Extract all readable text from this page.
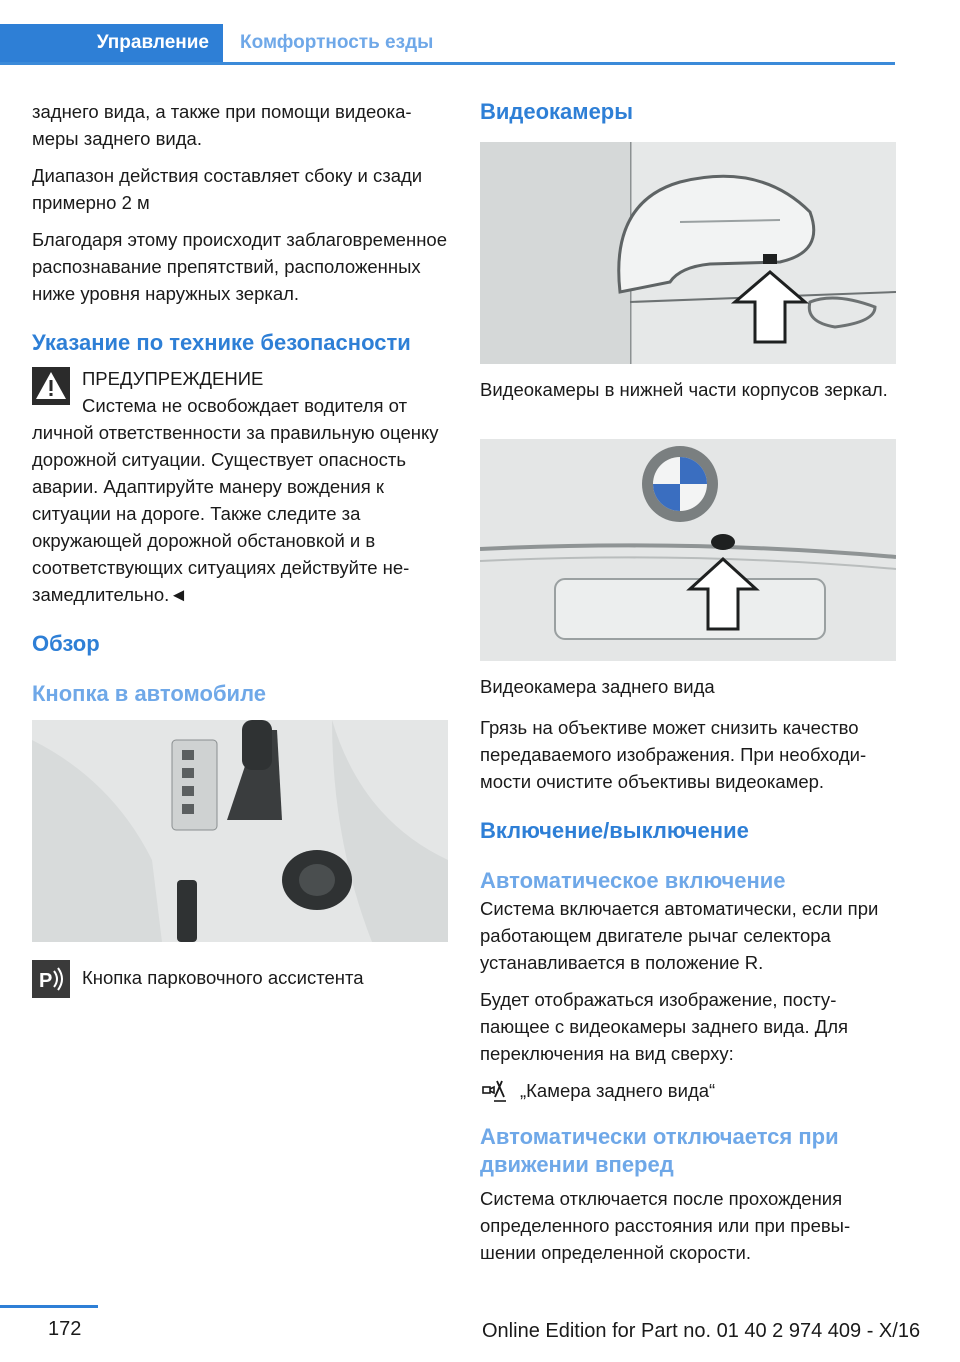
Управление	Комфортность езды

заднего вида, а также при помощи видеокамеры заднего вида.

Диапазон действия составляет сбоку и сзади примерно 2 м

Благодаря этому происходит заблаговременное распознавание препятствий, расположенных ниже уровня наружных зеркал.

Указание по технике безопасности
ПРЕДУПРЕЖДЕНИЕ

Система не освобождает водителя от личной ответственности за правильную оценку дорожной ситуации. Существует опасность аварии. Адаптируйте манеру вождения к ситуации на дороге. Также следите за окружающей дорожной обстановкой и в соответствующих ситуациях действуйте незамедлительно.◄

Обзор
Кнопка в автомобиле
P Кнопка парковочного ассистента

Видеокамеры

Видеокамеры в нижней части корпусов зеркал.

Видеокамера заднего вида

Грязь на объективе может снизить качество передаваемого изображения. При необходимости очистите объективы видеокамер.

Включение/выключение
Автоматическое включение

Система включается автоматически, если при работающем двигателе рычаг селектора устанавливается в положение R.

Будет отображаться изображение, поступающее с видеокамеры заднего вида. Для переключения на вид сверху:

„Камера заднего вида“
Автоматически отключается при движении вперед

Система отключается после прохождения определенного расстояния или при превышении определенной скорости.

172	Online Edition for Part no. 01 40 2 974 409 - X/16
